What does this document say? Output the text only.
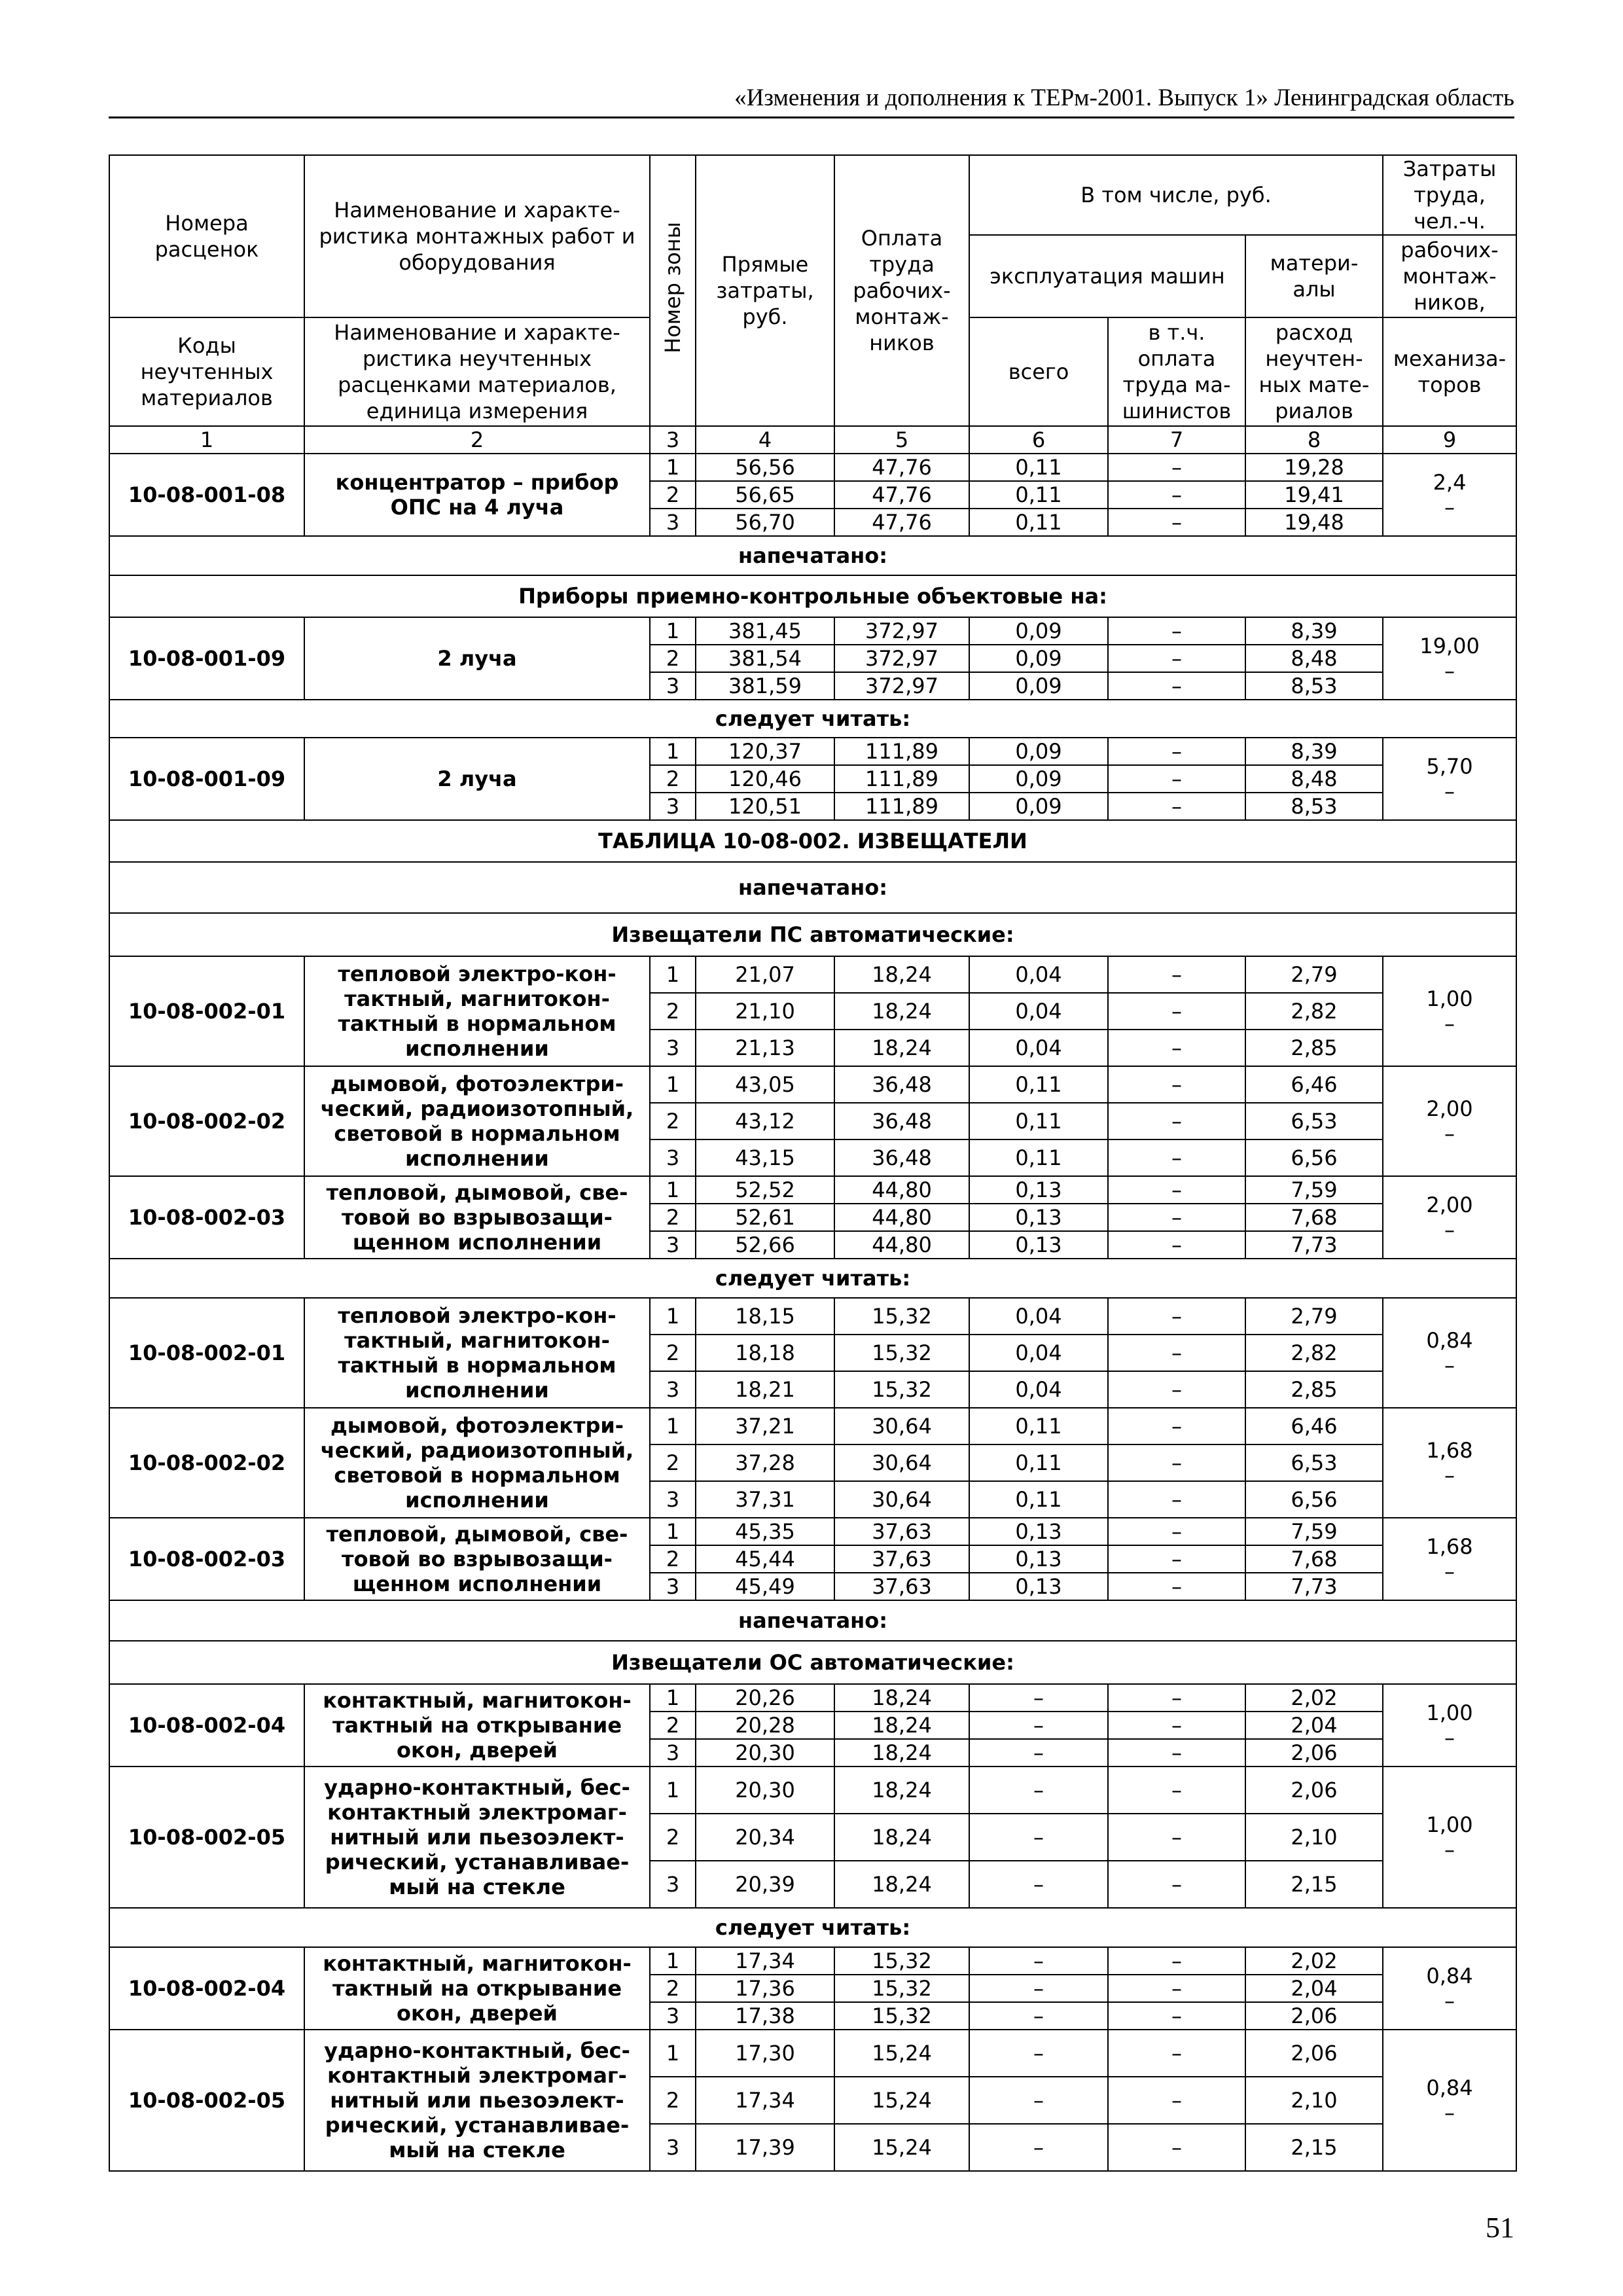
«Изменения и дополнения к ТЕРм-2001. Выпуск 1» Ленинградская область
Номера расценок	Наименование и характе-ристика монтажных работ и оборудования	Номер зоны	Прямые затраты, руб.	Оплата труда рабочих-монтаж-ников	В том числе, руб.			Затраты труда, чел.-ч.
					эксплуатация машин		матери-алы	рабочих-монтаж-ников,
Коды неучтенных материалов	Наименование и характе-ристика неучтенных расценками материалов, единица измерения				всего	в т.ч. оплата труда ма-шинистов	расход неучтен-ных мате-риалов	механиза-торов

1	2	3	4	5	6	7	8	9
10-08-001-08	концентратор – прибор ОПС на 4 луча	1	56,56	47,76	0,11	–	19,28	2,4
–

		2	56,65	47,76	0,11	–	19,41	
		3	56,70	47,76	0,11	–	19,48	
напечатано:								
Приборы приемно-контрольные объектовые на:								
10-08-001-09	2 луча	1	381,45	372,97	0,09	–	8,39	19,00
–

		2	381,54	372,97	0,09	–	8,48	
		3	381,59	372,97	0,09	–	8,53	
следует читать:								
10-08-001-09	2 луча	1	120,37	111,89	0,09	–	8,39	5,70
–

		2	120,46	111,89	0,09	–	8,48	
		3	120,51	111,89	0,09	–	8,53	
ТАБЛИЦА 10-08-002. ИЗВЕЩАТЕЛИ								
напечатано:								
Извещатели ПС автоматические:								
10-08-002-01	тепловой электро-кон-тактный, магнитокон-тактный в нормальном исполнении	1	21,07	18,24	0,04	–	2,79	1,00
–

		2	21,10	18,24	0,04	–	2,82	
		3	21,13	18,24	0,04	–	2,85	
10-08-002-02	дымовой, фотоэлектри-ческий, радиоизотопный, световой в нормальном исполнении	1	43,05	36,48	0,11	–	6,46	2,00
–

		2	43,12	36,48	0,11	–	6,53	
		3	43,15	36,48	0,11	–	6,56	
10-08-002-03	тепловой, дымовой, све-товой во взрывозащи-щенном исполнении	1	52,52	44,80	0,13	–	7,59	2,00
–

		2	52,61	44,80	0,13	–	7,68	
		3	52,66	44,80	0,13	–	7,73	
следует читать:								
10-08-002-01	тепловой электро-кон-тактный, магнитокон-тактный в нормальном исполнении	1	18,15	15,32	0,04	–	2,79	0,84
–

		2	18,18	15,32	0,04	–	2,82	
		3	18,21	15,32	0,04	–	2,85	
10-08-002-02	дымовой, фотоэлектри-ческий, радиоизотопный, световой в нормальном исполнении	1	37,21	30,64	0,11	–	6,46	1,68
–

		2	37,28	30,64	0,11	–	6,53	
		3	37,31	30,64	0,11	–	6,56	
10-08-002-03	тепловой, дымовой, све-товой во взрывозащи-щенном исполнении	1	45,35	37,63	0,13	–	7,59	1,68
–

		2	45,44	37,63	0,13	–	7,68	
		3	45,49	37,63	0,13	–	7,73	
напечатано:								
Извещатели ОС автоматические:								
10-08-002-04	контактный, магнитокон-тактный на открывание окон, дверей	1	20,26	18,24	–	–	2,02	1,00
–

		2	20,28	18,24	–	–	2,04	
		3	20,30	18,24	–	–	2,06	
10-08-002-05	ударно-контактный, бес-контактный электромаг-нитный или пьезоэлект-рический, устанавливае-мый на стекле	1	20,30	18,24	–	–	2,06	1,00
–

		2	20,34	18,24	–	–	2,10	
		3	20,39	18,24	–	–	2,15	
следует читать:								
10-08-002-04	контактный, магнитокон-тактный на открывание окон, дверей	1	17,34	15,32	–	–	2,02	0,84
–

		2	17,36	15,32	–	–	2,04	
		3	17,38	15,32	–	–	2,06	
10-08-002-05	ударно-контактный, бес-контактный электромаг-нитный или пьезоэлект-рический, устанавливае-мый на стекле	1	17,30	15,24	–	–	2,06	0,84
–

		2	17,34	15,24	–	–	2,10	
		3	17,39	15,24	–	–	2,15	
51
